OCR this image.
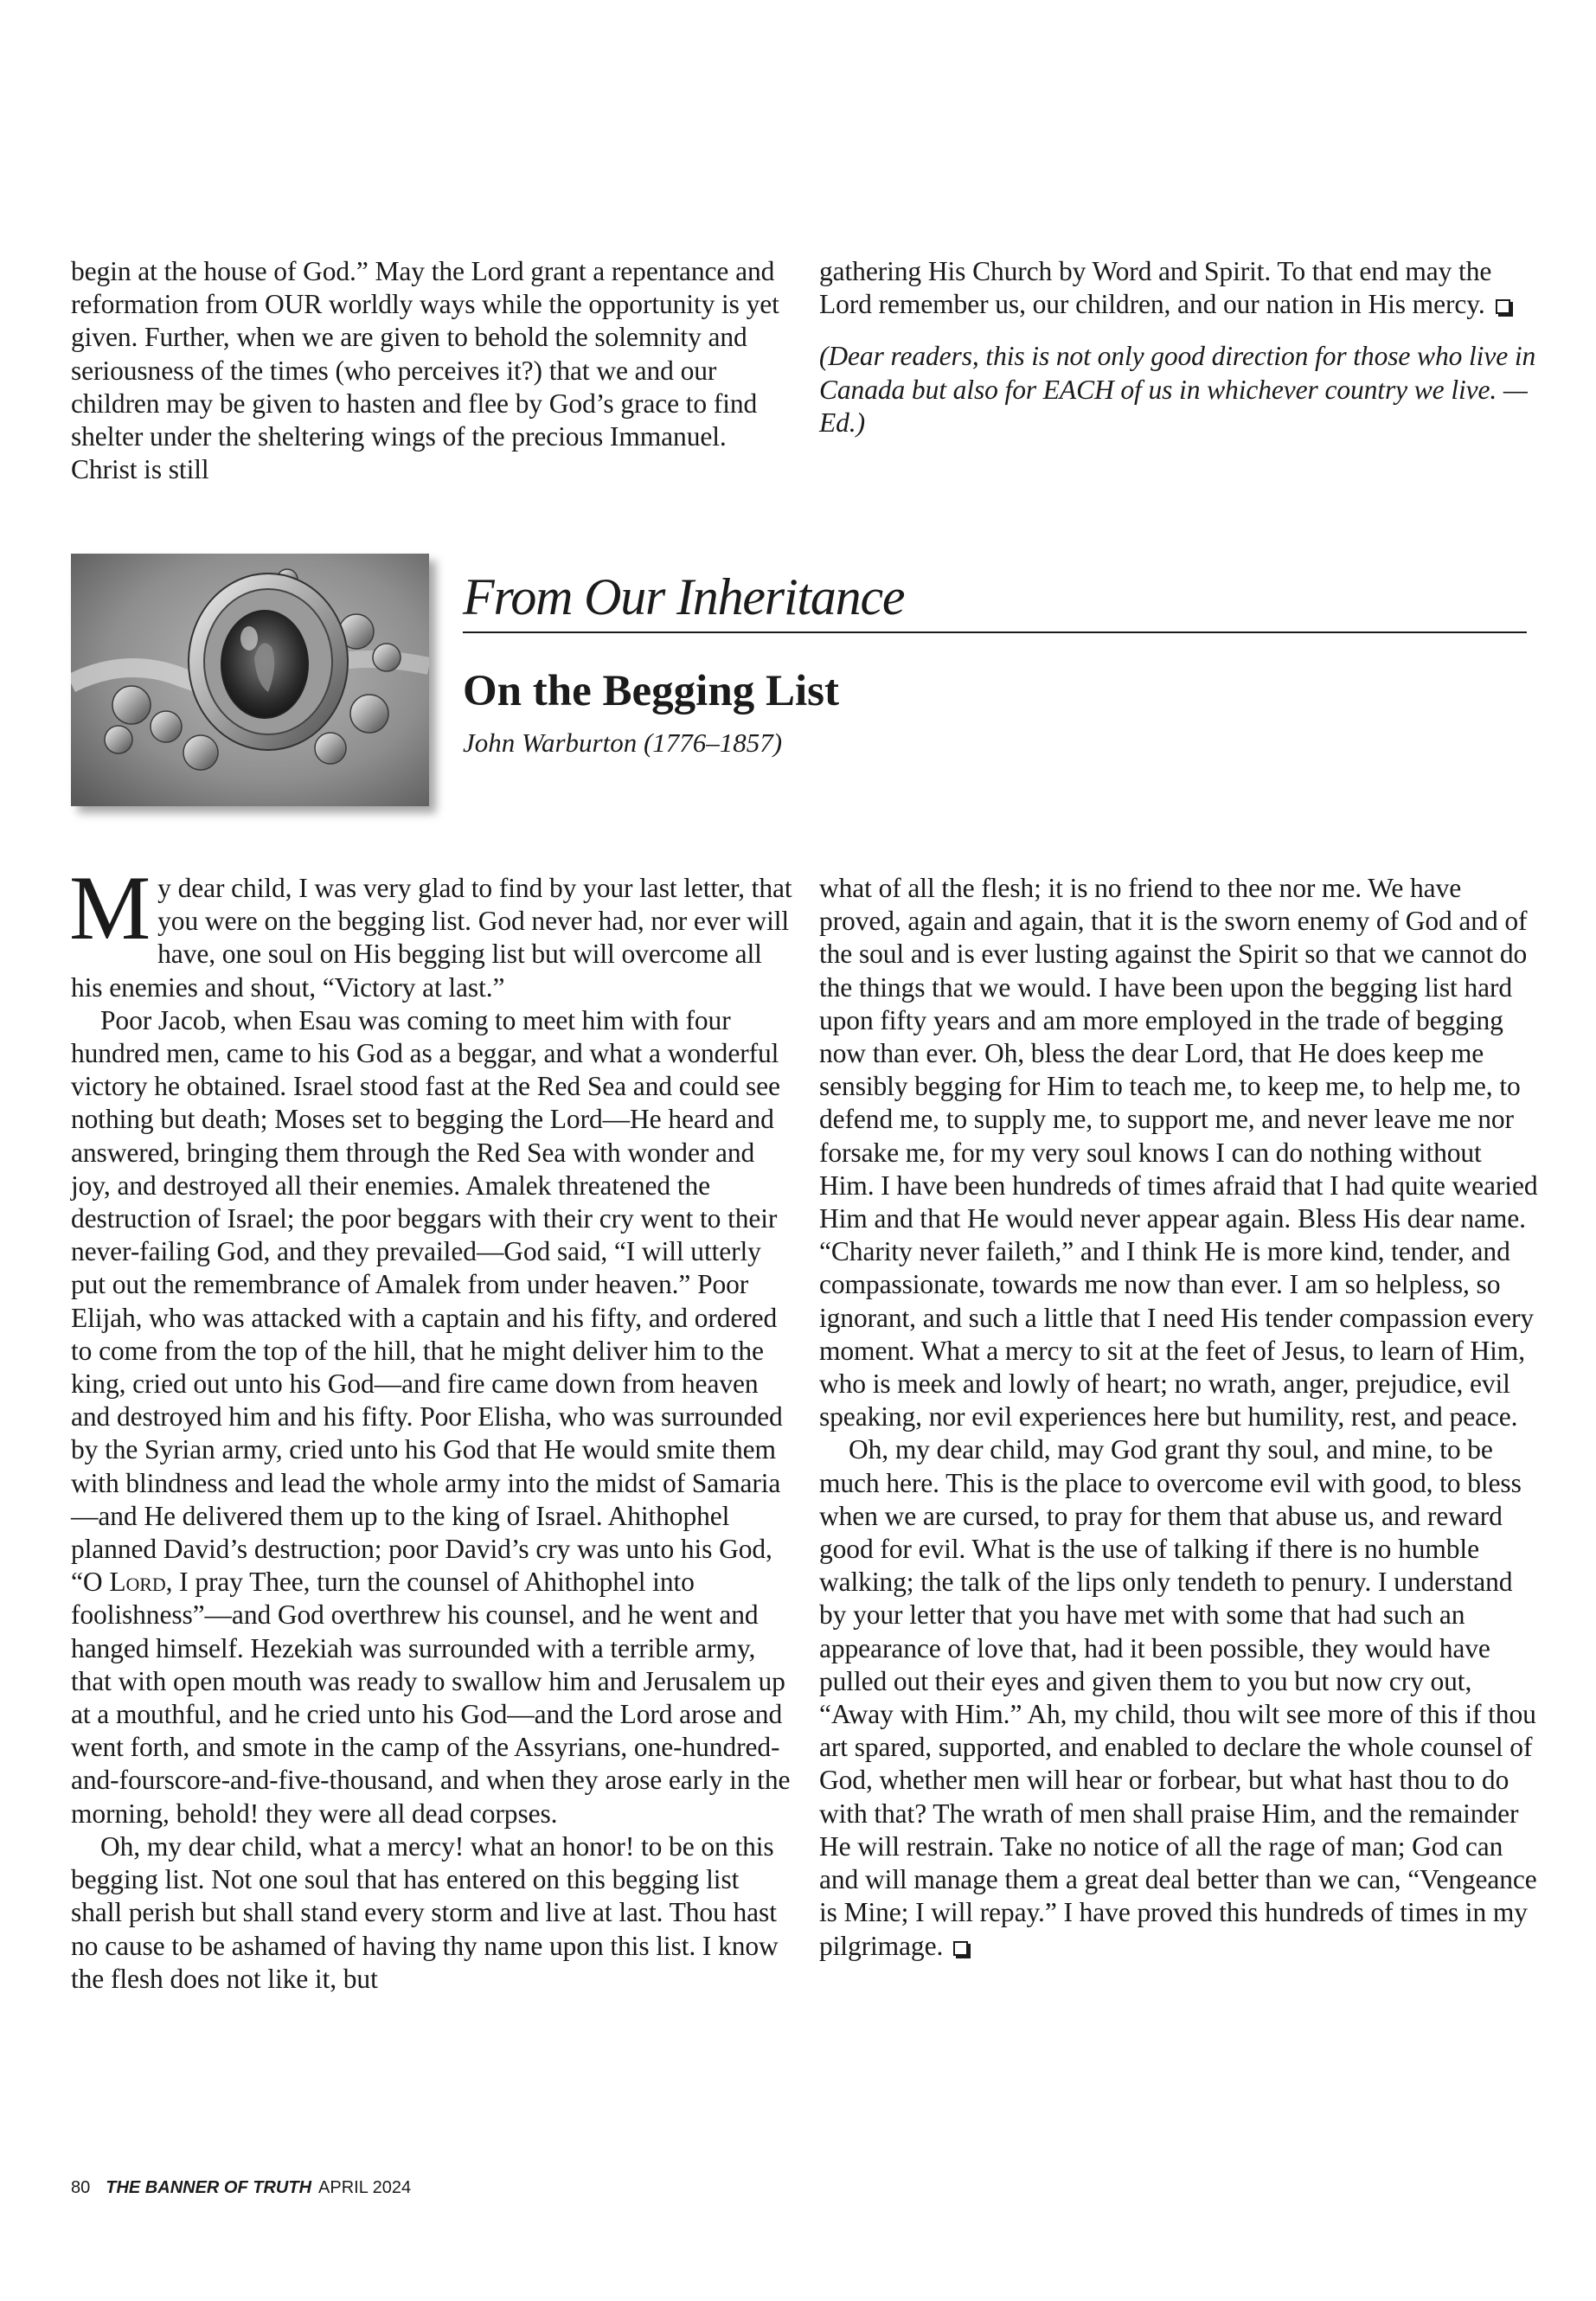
begin at the house of God.” May the Lord grant a repentance and reformation from OUR worldly ways while the opportunity is yet given. Further, when we are given to behold the solemnity and seriousness of the times (who perceives it?) that we and our children may be given to hasten and flee by God’s grace to find shelter under the sheltering wings of the precious Immanuel. Christ is still

gathering His Church by Word and Spirit. To that end may the Lord remember us, our children, and our nation in His mercy.

(Dear readers, this is not only good direction for those who live in Canada but also for EACH of us in whichever country we live. —Ed.)

From Our Inheritance
On the Begging List
John Warburton (1776–1857)

My dear child, I was very glad to find by your last letter, that you were on the begging list. God never had, nor ever will have, one soul on His begging list but will overcome all his enemies and shout, “Victory at last.”

Poor Jacob, when Esau was coming to meet him with four hundred men, came to his God as a beggar, and what a wonderful victory he obtained. Israel stood fast at the Red Sea and could see nothing but death; Moses set to begging the Lord—He heard and answered, bringing them through the Red Sea with wonder and joy, and destroyed all their enemies. Amalek threatened the destruction of Israel; the poor beggars with their cry went to their never-failing God, and they prevailed—God said, “I will utterly put out the remembrance of Amalek from under heaven.” Poor Elijah, who was attacked with a captain and his fifty, and ordered to come from the top of the hill, that he might deliver him to the king, cried out unto his God—and fire came down from heaven and destroyed him and his fifty. Poor Elisha, who was surrounded by the Syrian army, cried unto his God that He would smite them with blindness and lead the whole army into the midst of Samaria—and He delivered them up to the king of Israel. Ahithophel planned David’s destruction; poor David’s cry was unto his God, “O Lord, I pray Thee, turn the counsel of Ahithophel into foolishness”—and God overthrew his counsel, and he went and hanged himself. Hezekiah was surrounded with a terrible army, that with open mouth was ready to swallow him and Jerusalem up at a mouthful, and he cried unto his God—and the Lord arose and went forth, and smote in the camp of the Assyrians, one-hundred-and-fourscore-and-five-thousand, and when they arose early in the morning, behold! they were all dead corpses.

Oh, my dear child, what a mercy! what an honor! to be on this begging list. Not one soul that has entered on this begging list shall perish but shall stand every storm and live at last. Thou hast no cause to be ashamed of having thy name upon this list. I know the flesh does not like it, but

what of all the flesh; it is no friend to thee nor me. We have proved, again and again, that it is the sworn enemy of God and of the soul and is ever lusting against the Spirit so that we cannot do the things that we would. I have been upon the begging list hard upon fifty years and am more employed in the trade of begging now than ever. Oh, bless the dear Lord, that He does keep me sensibly begging for Him to teach me, to keep me, to help me, to defend me, to supply me, to support me, and never leave me nor forsake me, for my very soul knows I can do nothing without Him. I have been hundreds of times afraid that I had quite wearied Him and that He would never appear again. Bless His dear name. “Charity never faileth,” and I think He is more kind, tender, and compassionate, towards me now than ever. I am so helpless, so ignorant, and such a little that I need His tender compassion every moment. What a mercy to sit at the feet of Jesus, to learn of Him, who is meek and lowly of heart; no wrath, anger, prejudice, evil speaking, nor evil experiences here but humility, rest, and peace.

Oh, my dear child, may God grant thy soul, and mine, to be much here. This is the place to overcome evil with good, to bless when we are cursed, to pray for them that abuse us, and reward good for evil. What is the use of talking if there is no humble walking; the talk of the lips only tendeth to penury. I understand by your letter that you have met with some that had such an appearance of love that, had it been possible, they would have pulled out their eyes and given them to you but now cry out, “Away with Him.” Ah, my child, thou wilt see more of this if thou art spared, supported, and enabled to declare the whole counsel of God, whether men will hear or forbear, but what hast thou to do with that? The wrath of men shall praise Him, and the remainder He will restrain. Take no notice of all the rage of man; God can and will manage them a great deal better than we can, “Vengeance is Mine; I will repay.” I have proved this hundreds of times in my pilgrimage.

80 THE BANNER OF TRUTH APRIL 2024
